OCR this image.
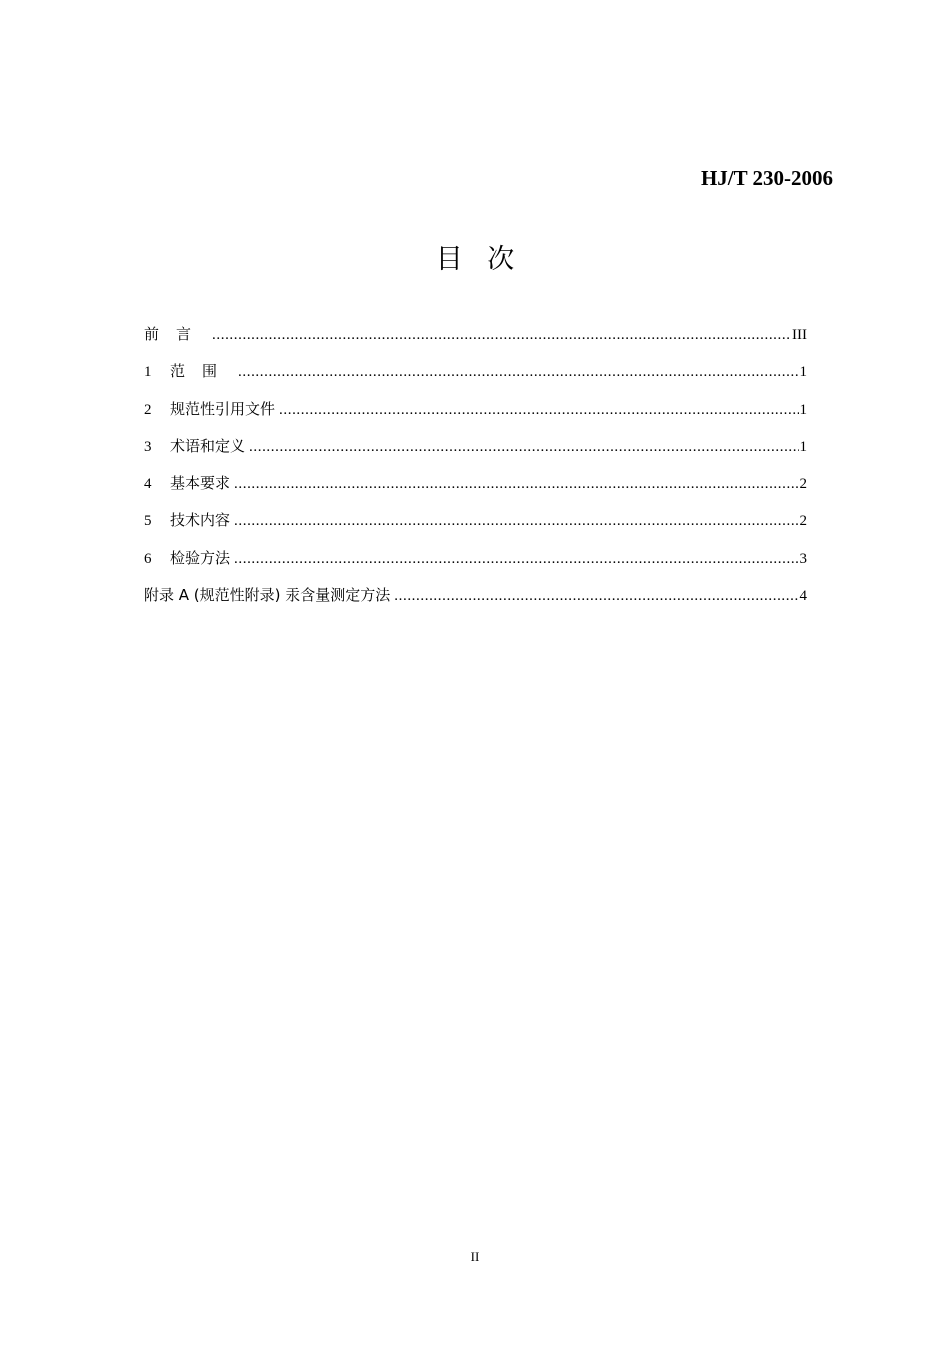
HJ/T 230-2006
目 次
前言 .....	III
1	范围 .....	1
2	规范性引用文件 .....	1
3	术语和定义 .....	1
4	基本要求 .....	2
5	技术内容 .....	2
6	检验方法 .....	3
附录 A (规范性附录) 汞含量测定方法 .....	4
II
